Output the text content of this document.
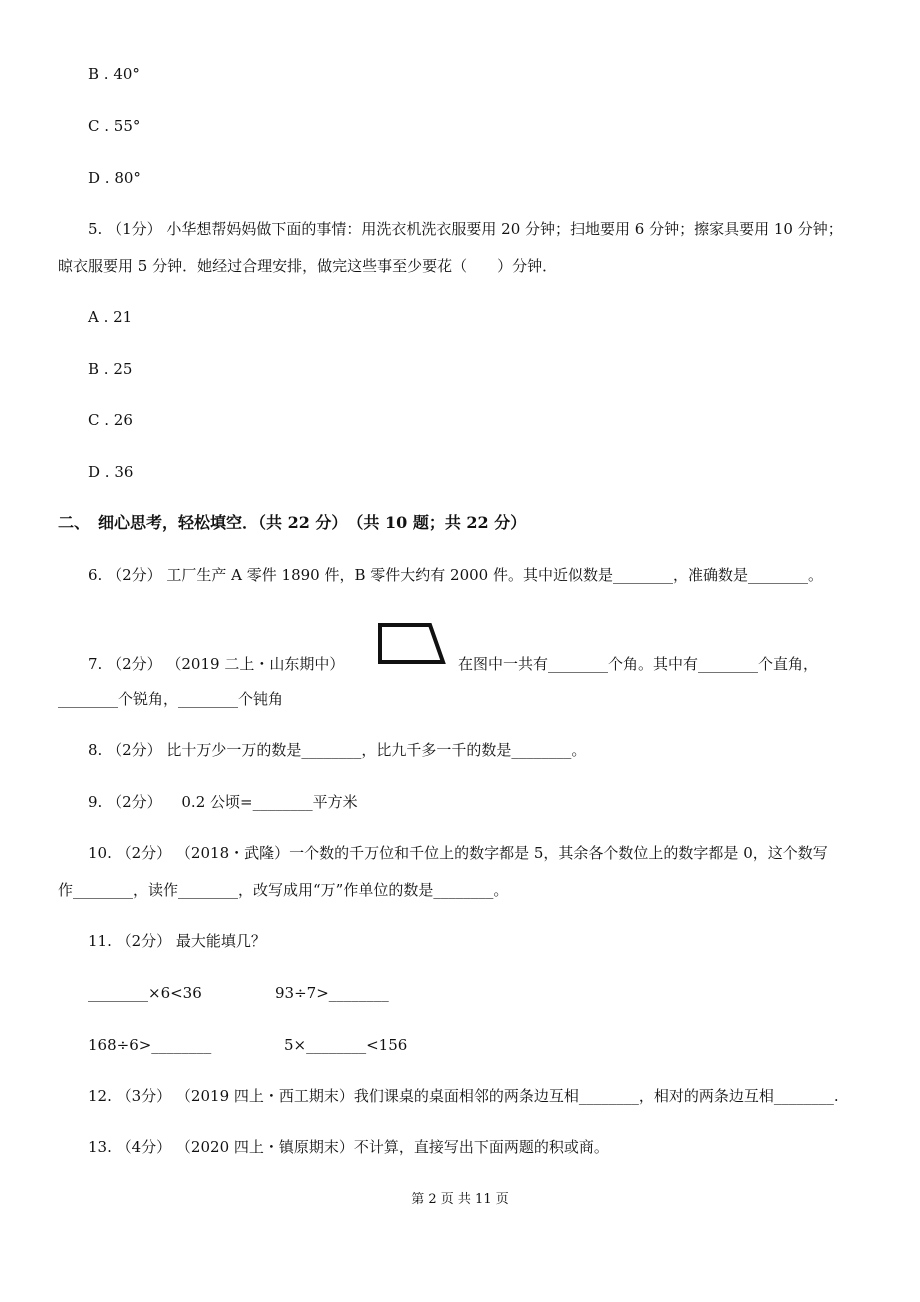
B . 40°
C . 55°
D . 80°
5. （1分） 小华想帮妈妈做下面的事情：用洗衣机洗衣服要用 20 分钟；扫地要用 6 分钟；擦家具要用 10 分钟；
晾衣服要用 5 分钟．她经过合理安排，做完这些事至少要花（　　）分钟．
A . 21
B . 25
C . 26
D . 36
二、　细心思考，轻松填空．（共 22 分）　（共 10 题；共 22 分）
6. （2分） 工厂生产 A 零件 1890 件，B 零件大约有 2000 件。其中近似数是________，准确数是________。
7. （2分） （2019 二上・山东期中）	在图中一共有________个角。其中有________个直角，
________个锐角，________个钝角
8. （2分） 比十万少一万的数是________，比九千多一千的数是________。
9. （2分） 　0.2 公顷=________平方米
10. （2分） （2018・武隆）一个数的千万位和千位上的数字都是 5，其余各个数位上的数字都是 0，这个数写
作________，读作________，改写成用“万”作单位的数是________。
11. （2分） 最大能填几？
________×6<36	93÷7>________
168÷6>________	5×________<156
12. （3分） （2019 四上・西工期末）我们课桌的桌面相邻的两条边互相________，相对的两条边互相________.
13. （4分） （2020 四上・镇原期末）不计算，直接写出下面两题的积或商。
第 2 页 共 11 页
